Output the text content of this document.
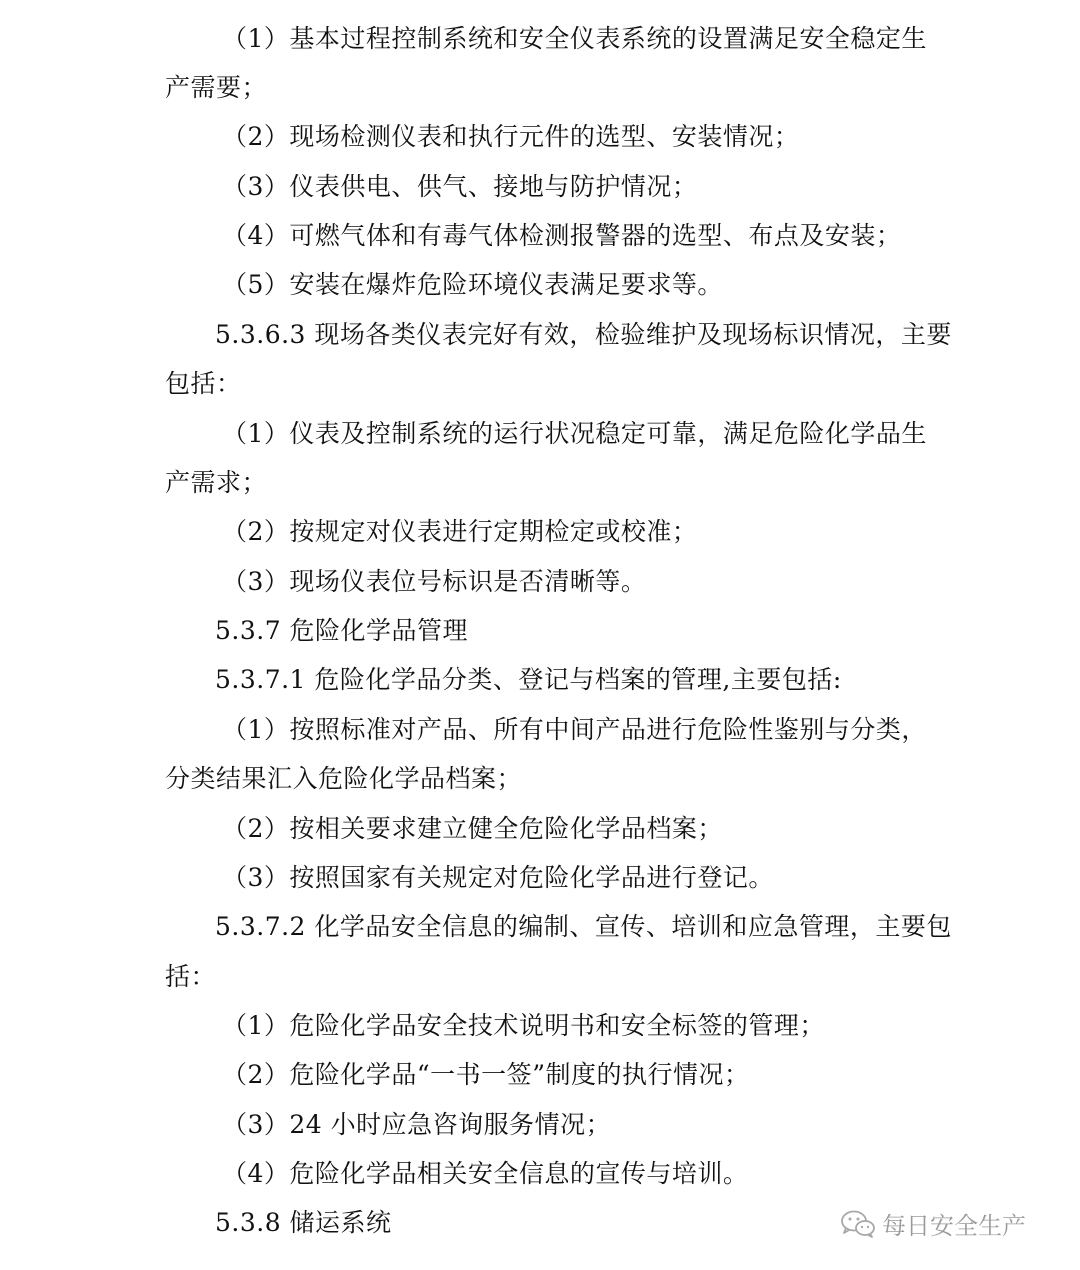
（1）基本过程控制系统和安全仪表系统的设置满足安全稳定生
产需要；
（2）现场检测仪表和执行元件的选型、安装情况；
（3）仪表供电、供气、接地与防护情况；
（4）可燃气体和有毒气体检测报警器的选型、布点及安装；
（5）安装在爆炸危险环境仪表满足要求等。
5.3.6.3 现场各类仪表完好有效，检验维护及现场标识情况，主要
包括：
（1）仪表及控制系统的运行状况稳定可靠，满足危险化学品生
产需求；
（2）按规定对仪表进行定期检定或校准；
（3）现场仪表位号标识是否清晰等。
5.3.7 危险化学品管理
5.3.7.1 危险化学品分类、登记与档案的管理,主要包括:
（1）按照标准对产品、所有中间产品进行危险性鉴别与分类，
分类结果汇入危险化学品档案；
（2）按相关要求建立健全危险化学品档案；
（3）按照国家有关规定对危险化学品进行登记。
5.3.7.2 化学品安全信息的编制、宣传、培训和应急管理，主要包
括：
（1）危险化学品安全技术说明书和安全标签的管理；
（2）危险化学品“一书一签”制度的执行情况；
（3）24 小时应急咨询服务情况；
（4）危险化学品相关安全信息的宣传与培训。
5.3.8 储运系统	每日安全生产
